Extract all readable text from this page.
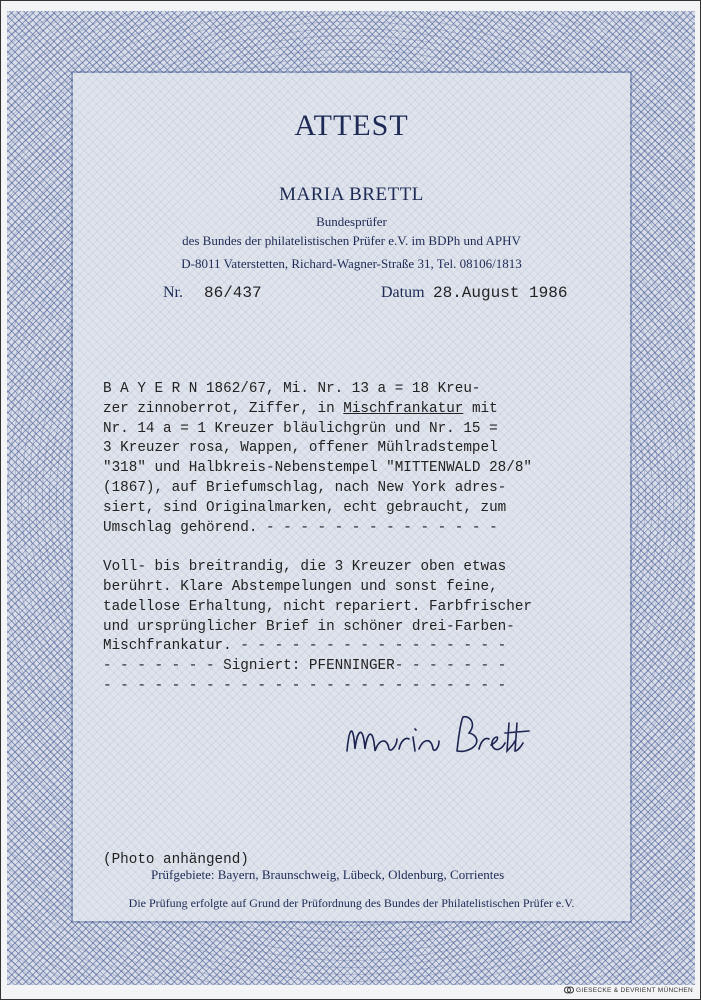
ATTEST
MARIA BRETTL
Bundesprüfer
des Bundes der philatelistischen Prüfer e.V. im BDPh und APHV
D-8011 Vaterstetten, Richard-Wagner-Straße 31, Tel. 08106/1813
Nr. 86/437	Datum 28.August 1986
B A Y E R N 1862/67, Mi. Nr. 13 a = 18 Kreu-
zer zinnoberrot, Ziffer, in Mischfrankatur mit
Nr. 14 a = 1 Kreuzer bläulichgrün und Nr. 15 =
3 Kreuzer rosa, Wappen, offener Mühlradstempel
"318" und Halbkreis-Nebenstempel "MITTENWALD 28/8"
(1867), auf Briefumschlag, nach New York adres-
siert, sind Originalmarken, echt gebraucht, zum
Umschlag gehörend. - - - - - - - - - - - - - -
Voll- bis breitrandig, die 3 Kreuzer oben etwas
berührt. Klare Abstempelungen und sonst feine,
tadellose Erhaltung, nicht repariert. Farbfrischer
und ursprünglicher Brief in schöner drei-Farben-
Mischfrankatur. - - - - - - - - - - - - - - - -
- - - - - - - Signiert: PFENNINGER- - - - - - -
- - - - - - - - - - - - - - - - - - - - - - - -
(Photo anhängend)
Prüfgebiete: Bayern, Braunschweig, Lübeck, Oldenburg, Corrientes
Die Prüfung erfolgte auf Grund der Prüfordnung des Bundes der Philatelistischen Prüfer e.V.
GIESECKE & DEVRIENT MÜNCHEN
